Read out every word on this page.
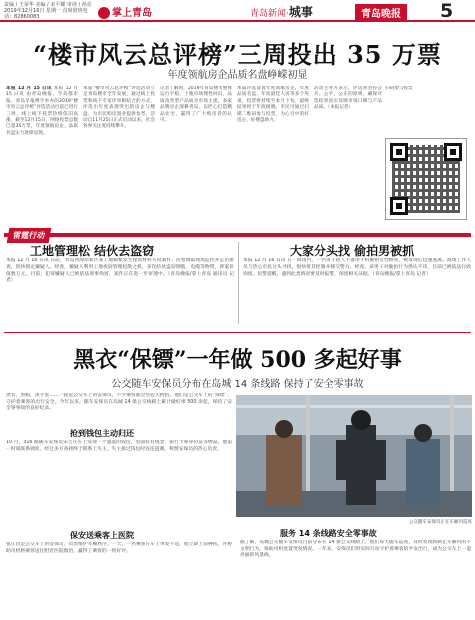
责编 / 王荣华 美编 / 宋平耀 审读 / 孙亮
2019年12月16日 星期一 首席值班电话：82860083	掌上青岛	青岛新闻·城事	青岛晚报	5
“楼市风云总评榜”三周投出 35 万票
年度领航房企品质名盘峥嵘初显
本报 12 月 15 日讯 本报 12 月 15 日讯 由青岛晚报、半岛都市报、青岛早报携手举办的2019“楼市风云总评榜”评选活动目前已进行三周，线上线下投票热情依旧高涨，截至12月15日，网络投票总数已超35万票，年度领航房企、品质名盘实力逐渐显现。
本届“楼市风云总评榜”评选活动立足青岛楼市全年发展，通过线上投票和线下专家评审相结合的方式，评选出年度表现突出的房企与楼盘，为市民购房置业提供参考。活动自11月25日正式启动以来，社会各界关注度持续攀升。
记者了解到，2019年青岛楼市整体运行平稳，土地市场理性回归，品质改善型产品成为市场主流。多家品牌房企深耕青岛，以匠心打造精品住宅，赢得了广大购房者的认可。
本届评选设置年度领航房企、年度品质名盘、年度最佳人居等多个奖项，投票将持续至本月下旬，最终结果将于年底揭晓。市民可通过扫描二维码参与投票，为心目中的好房企、好楼盘助力。
活动主办方表示，评选将坚持公开、公平、公正的原则，确保评选结果真实反映市场口碑与产品品质。（本报记者）
扫码参与投票
雷霆行动
工地管理松 结伙去盗窃
本报 12 月 16 日讯 日前，青岛西海岸新区某工地频繁发生建筑材料失窃案件。民警调取现场监控并走访排查，很快锁定嫌疑人。经查，嫌疑人利用工地夜间管理松散之机，多次结伙盗窃钢筋、电缆等物资，涉案价值数万元。目前，犯罪嫌疑人已被依法刑事拘留，案件正在进一步审理中。（青岛晚报/掌上青岛 通讯员 记者）
大家分头找 偷拍男被抓
本报 12 月 16 日讯 在一商场内，一名男子趁人不备用手机偷拍女性顾客，被发现后迅速逃离。商场工作人员与热心市民分头寻找，很快将其控制并移交警方。经查，该男子对偷拍行为供认不讳，目前已被依法行政拘留。民警提醒，遇到此类情况要及时报警，保留相关证据。（青岛晚报/掌上青岛 记者）
黑衣“保镖”一年做 500 多起好事
公交随车安保员分布在岛城 14 条线路 保持了安全零事故
黑衣、黑帽、黑手套……一提起公交车上的安保员，不少乘客都会竖起大拇指。他们是公交车上的“保镖”，守护着乘客的出行安全。今年以来，随车安保员在岛城 14 条公交线路上累计做好事 500 余起，保持了安全零事故的良好纪录。
抢到钱包主动归还
10 月，316 路随车安保员宋吉在车上发现一个遗落的钱包，里面装有现金、银行卡和身份证等物品。他第一时间联系调度，经过多方查找终于联系上失主。失主接过钱包时连连道谢，称赞安保员的热心负责。
保安送乘客上医院
张正昌是公交车上的安保员，负责维护车厢秩序。一天，一名乘客在车上突发不适，他立即上前搀扶，并协助司机将乘客送往附近医院救治，赢得了乘客的一致好评。
公交随车安保员正在车厢内巡查
服务 14 条线路安全零事故
据了解，岛城公交随车安保员目前分布在 14 条公交线路上，他们每天随车巡查，及时发现和制止车厢内的不文明行为，协助司机处置突发情况。一年来，安保员们用实际行动守护着乘客的平安出行，成为公交车上一道亮丽的风景线。
